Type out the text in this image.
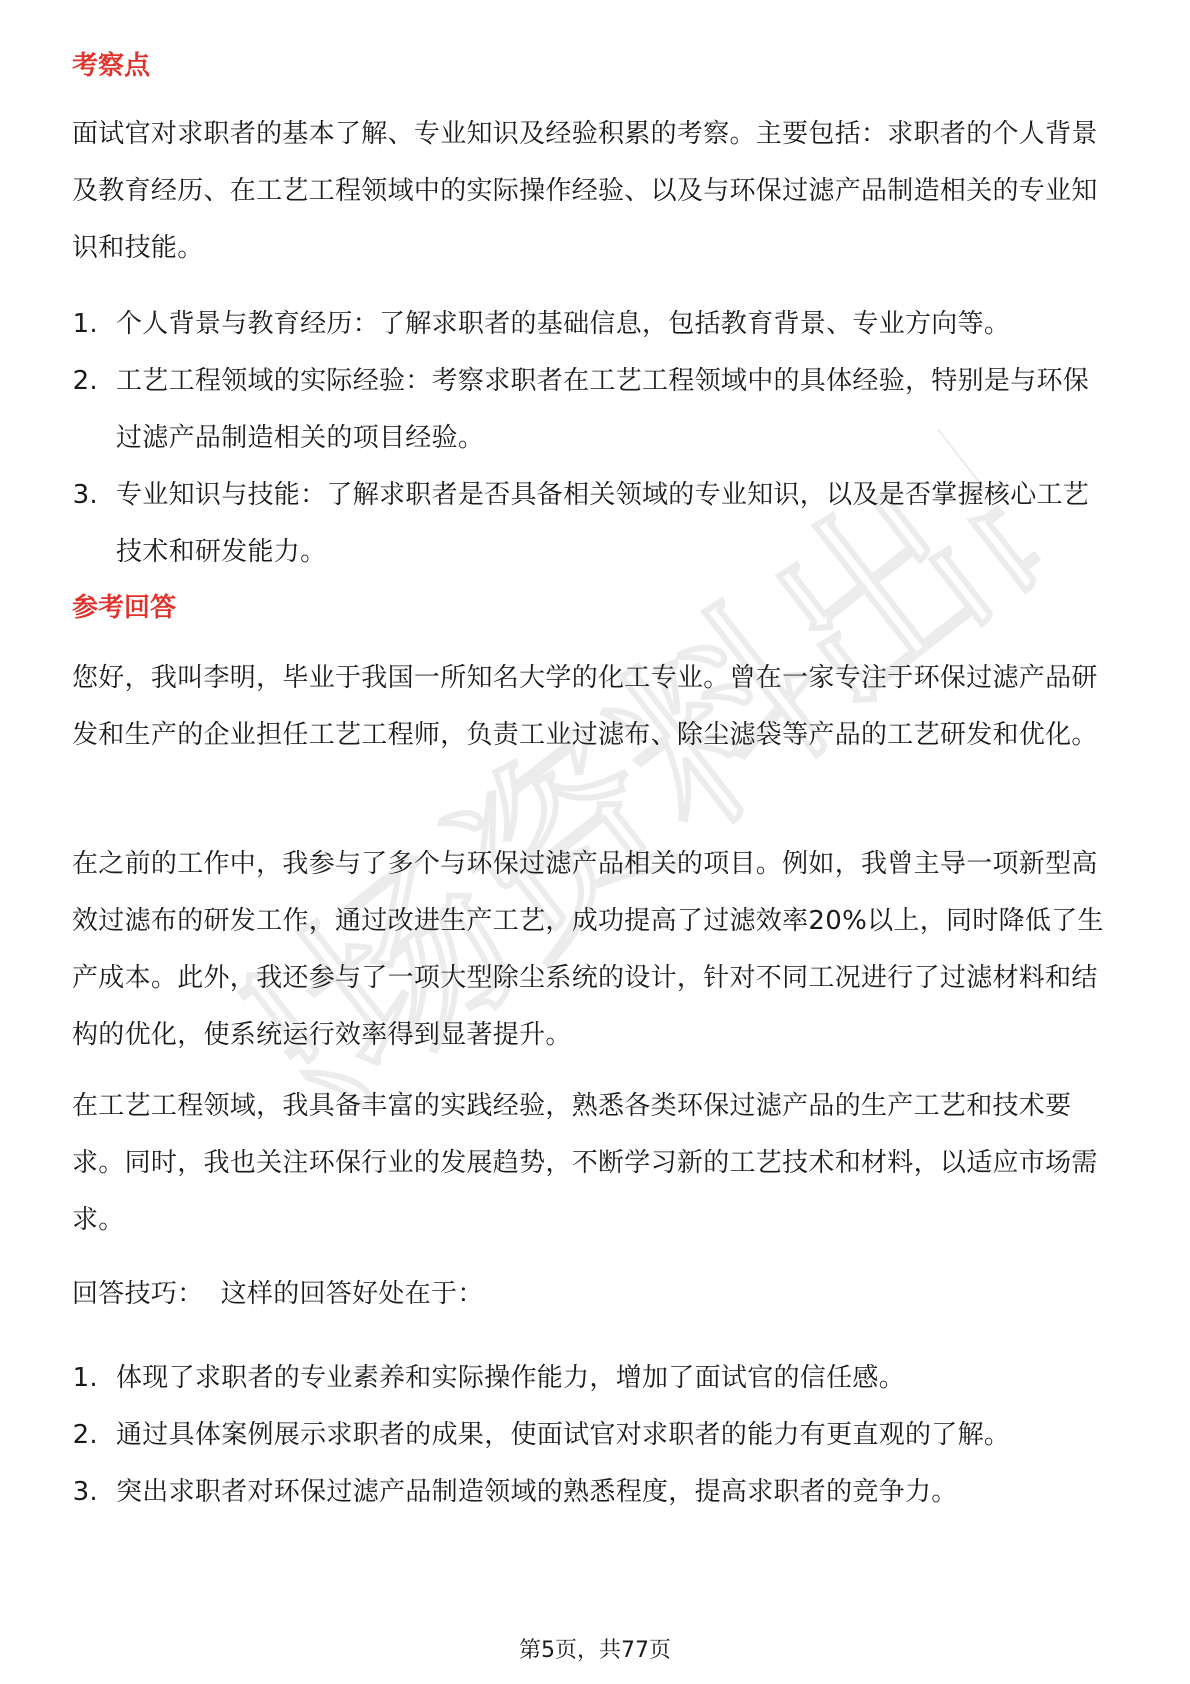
职场资料出品
考察点

面试官对求职者的基本了解、专业知识及经验积累的考察。主要包括：求职者的个人背景及教育经历、在工艺工程领域中的实际操作经验、以及与环保过滤产品制造相关的专业知识和技能。

1. 个人背景与教育经历：了解求职者的基础信息，包括教育背景、专业方向等。
2. 工艺工程领域的实际经验：考察求职者在工艺工程领域中的具体经验，特别是与环保过滤产品制造相关的项目经验。
3. 专业知识与技能：了解求职者是否具备相关领域的专业知识，以及是否掌握核心工艺技术和研发能力。
参考回答

您好，我叫李明，毕业于我国一所知名大学的化工专业。曾在一家专注于环保过滤产品研发和生产的企业担任工艺工程师，负责工业过滤布、除尘滤袋等产品的工艺研发和优化。

在之前的工作中，我参与了多个与环保过滤产品相关的项目。例如，我曾主导一项新型高效过滤布的研发工作，通过改进生产工艺，成功提高了过滤效率20%以上，同时降低了生产成本。此外，我还参与了一项大型除尘系统的设计，针对不同工况进行了过滤材料和结构的优化，使系统运行效率得到显著提升。

在工艺工程领域，我具备丰富的实践经验，熟悉各类环保过滤产品的生产工艺和技术要求。同时，我也关注环保行业的发展趋势，不断学习新的工艺技术和材料，以适应市场需求。

回答技巧：  这样的回答好处在于：

1. 体现了求职者的专业素养和实际操作能力，增加了面试官的信任感。
2. 通过具体案例展示求职者的成果，使面试官对求职者的能力有更直观的了解。
3. 突出求职者对环保过滤产品制造领域的熟悉程度，提高求职者的竞争力。
第5页，共77页
